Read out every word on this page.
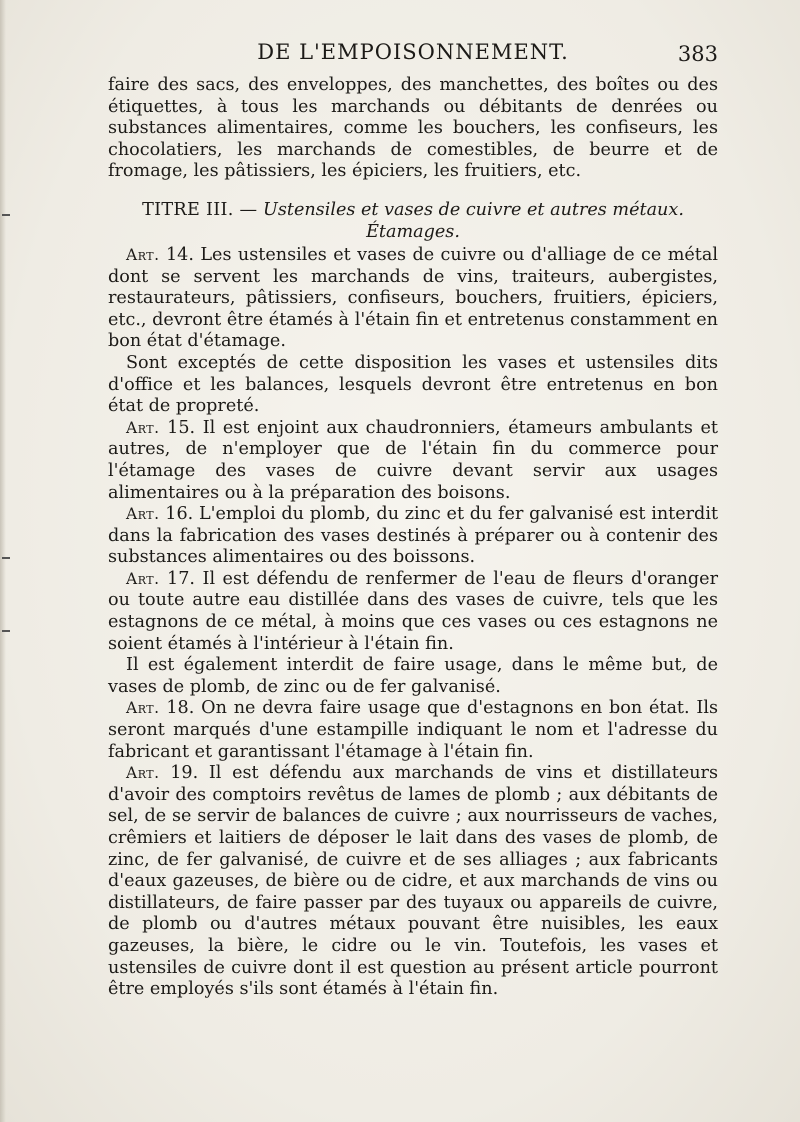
DE L'EMPOISONNEMENT.	383

faire des sacs, des enveloppes, des manchettes, des boîtes ou des étiquettes, à tous les marchands ou débitants de denrées ou substances alimentaires, comme les bouchers, les confiseurs, les chocolatiers, les marchands de comestibles, de beurre et de fromage, les pâtissiers, les épiciers, les fruitiers, etc.

TITRE III. — Ustensiles et vases de cuivre et autres métaux.
Étamages.

Art. 14. Les ustensiles et vases de cuivre ou d'alliage de ce métal dont se servent les marchands de vins, traiteurs, aubergistes, restaurateurs, pâtissiers, confiseurs, bouchers, fruitiers, épiciers, etc., devront être étamés à l'étain fin et entretenus constamment en bon état d'étamage.

Sont exceptés de cette disposition les vases et ustensiles dits d'office et les balances, lesquels devront être entretenus en bon état de propreté.

Art. 15. Il est enjoint aux chaudronniers, étameurs ambulants et autres, de n'employer que de l'étain fin du commerce pour l'étamage des vases de cuivre devant servir aux usages alimentaires ou à la préparation des boisons.

Art. 16. L'emploi du plomb, du zinc et du fer galvanisé est interdit dans la fabrication des vases destinés à préparer ou à contenir des substances alimentaires ou des boissons.

Art. 17. Il est défendu de renfermer de l'eau de fleurs d'oranger ou toute autre eau distillée dans des vases de cuivre, tels que les estagnons de ce métal, à moins que ces vases ou ces estagnons ne soient étamés à l'intérieur à l'étain fin.

Il est également interdit de faire usage, dans le même but, de vases de plomb, de zinc ou de fer galvanisé.

Art. 18. On ne devra faire usage que d'estagnons en bon état. Ils seront marqués d'une estampille indiquant le nom et l'adresse du fabricant et garantissant l'étamage à l'étain fin.

Art. 19. Il est défendu aux marchands de vins et distillateurs d'avoir des comptoirs revêtus de lames de plomb ; aux débitants de sel, de se servir de balances de cuivre ; aux nourrisseurs de vaches, crêmiers et laitiers de déposer le lait dans des vases de plomb, de zinc, de fer galvanisé, de cuivre et de ses alliages ; aux fabricants d'eaux gazeuses, de bière ou de cidre, et aux marchands de vins ou distillateurs, de faire passer par des tuyaux ou appareils de cuivre, de plomb ou d'autres métaux pouvant être nuisibles, les eaux gazeuses, la bière, le cidre ou le vin. Toutefois, les vases et ustensiles de cuivre dont il est question au présent article pourront être employés s'ils sont étamés à l'étain fin.
